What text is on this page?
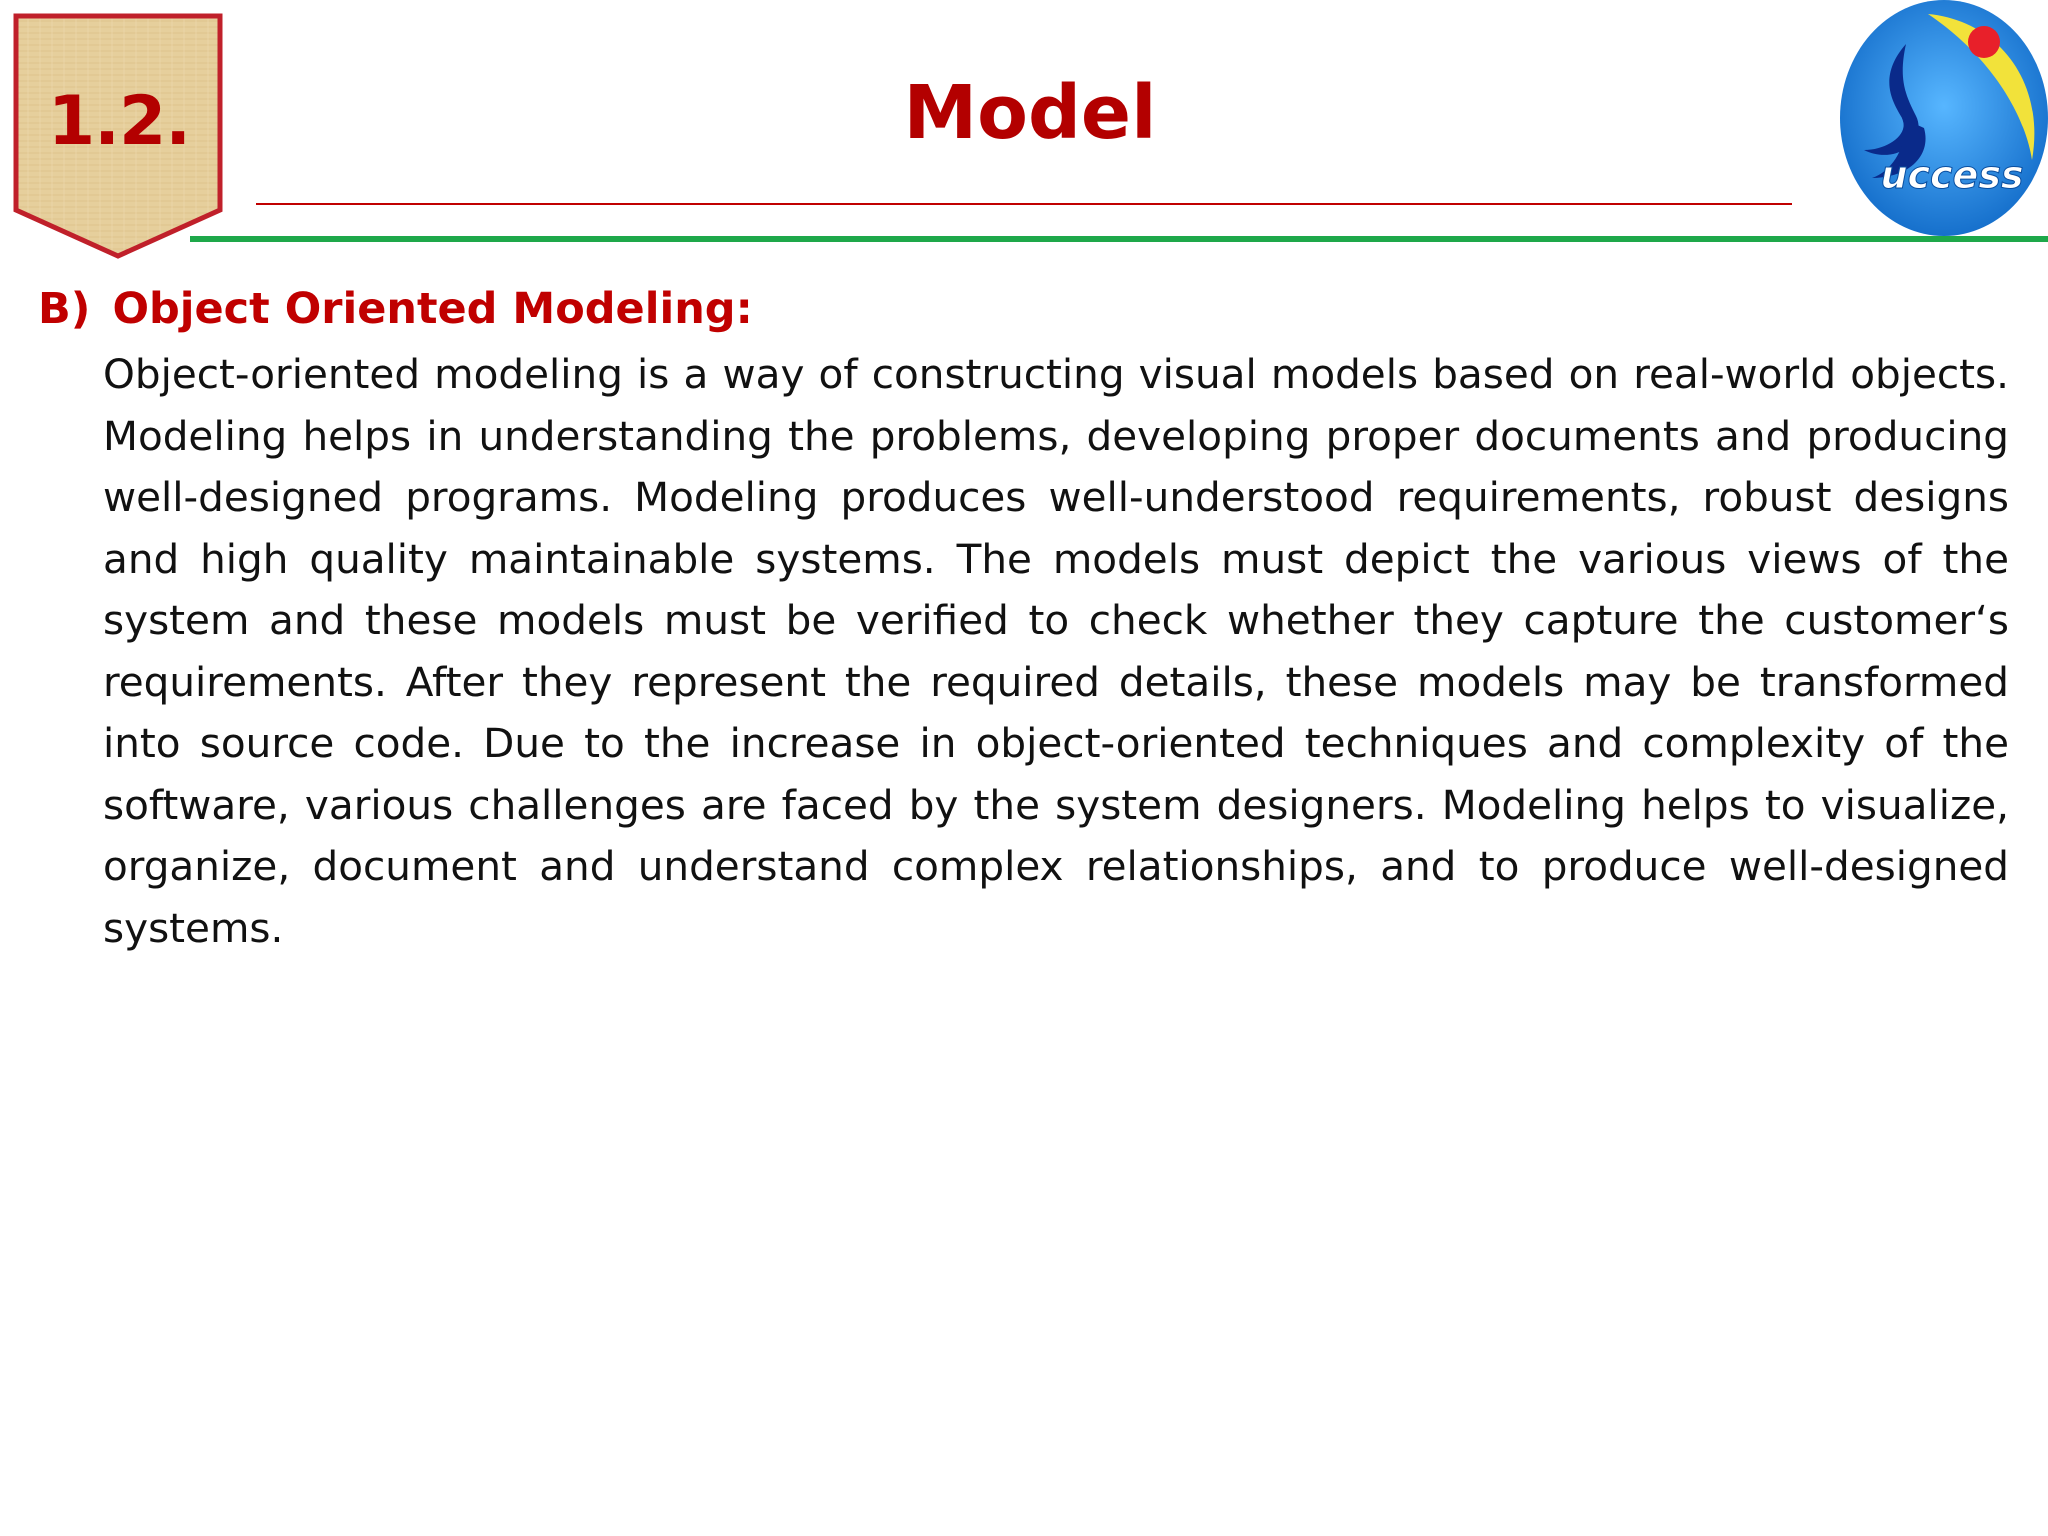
1.2.	Model
uccess
B) Object Oriented Modeling:
Object-oriented modeling is a way of constructing visual models based on real-world objects. Modeling helps in understanding the problems, developing proper documents and producing well-designed programs. Modeling produces well-understood requirements, robust designs and high quality maintainable systems. The models must depict the various views of the system and these models must be verified to check whether they capture the customer‘s requirements. After they represent the required details, these models may be transformed into source code. Due to the increase in object-oriented techniques and complexity of the software, various challenges are faced by the system designers. Modeling helps to visualize, organize, document and understand complex relationships, and to produce well-designed systems.
